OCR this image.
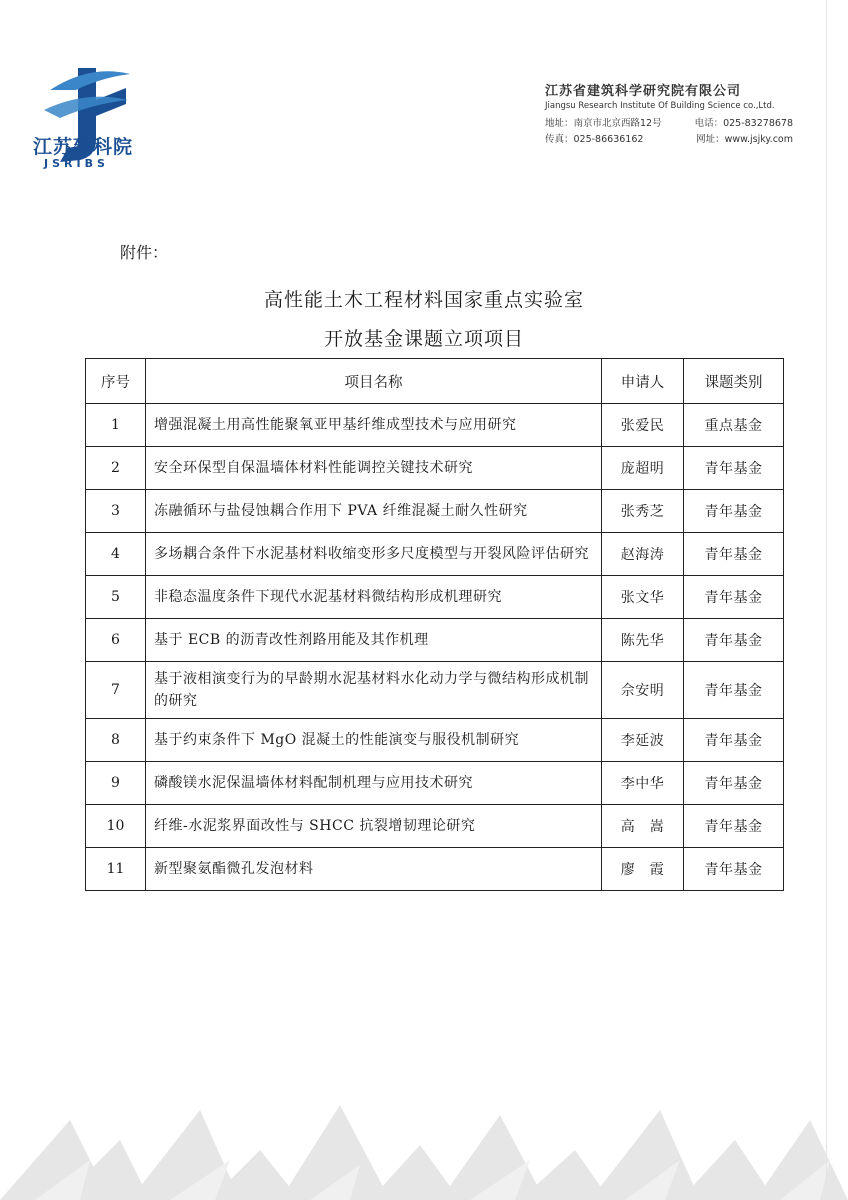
江苏建科院
JSRIBS
江苏省建筑科学研究院有限公司
Jiangsu Research Institute Of Building Science co.,Ltd.
地址：南京市北京西路12号	电话：025-83278678
传真：025-86636162	网址：www.jsjky.com
附件：
高性能土木工程材料国家重点实验室
开放基金课题立项项目
序号	项目名称	申请人	课题类别
1	增强混凝土用高性能聚氧亚甲基纤维成型技术与应用研究	张爱民	重点基金
2	安全环保型自保温墙体材料性能调控关键技术研究	庞超明	青年基金
3	冻融循环与盐侵蚀耦合作用下 PVA 纤维混凝土耐久性研究	张秀芝	青年基金
4	多场耦合条件下水泥基材料收缩变形多尺度模型与开裂风险评估研究	赵海涛	青年基金
5	非稳态温度条件下现代水泥基材料微结构形成机理研究	张文华	青年基金
6	基于 ECB 的沥青改性剂路用能及其作机理	陈先华	青年基金
7	基于液相演变行为的早龄期水泥基材料水化动力学与微结构形成机制的研究	佘安明	青年基金
8	基于约束条件下 MgO 混凝土的性能演变与服役机制研究	李延波	青年基金
9	磷酸镁水泥保温墙体材料配制机理与应用技术研究	李中华	青年基金
10	纤维-水泥浆界面改性与 SHCC 抗裂增韧理论研究	高　嵩	青年基金
11	新型聚氨酯微孔发泡材料	廖　霞	青年基金
